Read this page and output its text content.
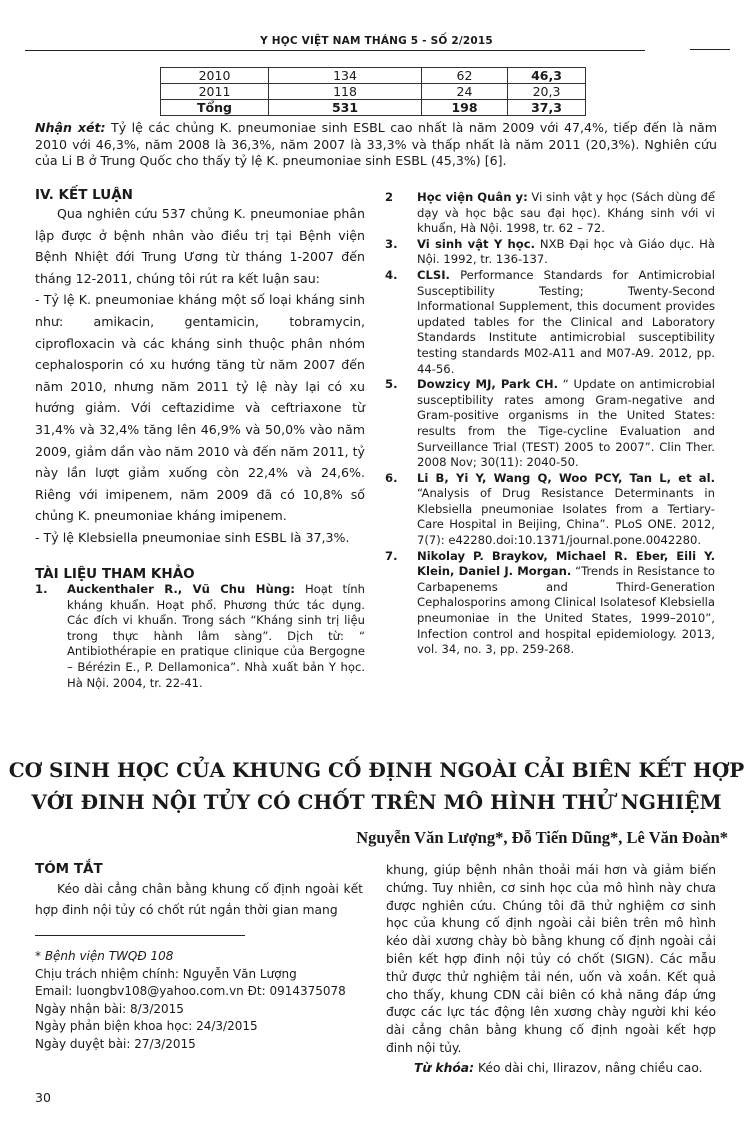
Y HỌC VIỆT NAM THÁNG 5 - SỐ 2/2015
2010	134	62	46,3
2011	118	24	20,3
Tổng	531	198	37,3
Nhận xét: Tỷ lệ các chủng K. pneumoniae sinh ESBL cao nhất là năm 2009 với 47,4%, tiếp đến là năm 2010 với 46,3%, năm 2008 là 36,3%, năm 2007 là 33,3% và thấp nhất là năm 2011 (20,3%). Nghiên cứu của Li B ở Trung Quốc cho thấy tỷ lệ K. pneumoniae sinh ESBL (45,3%) [6].
IV. KẾT LUẬN
Qua nghiên cứu 537 chủng K. pneumoniae phân lập được ở bệnh nhân vào điều trị tại Bệnh viện Bệnh Nhiệt đới Trung Ương từ tháng 1-2007 đến tháng 12-2011, chúng tôi rút ra kết luận sau:
- Tỷ lệ K. pneumoniae kháng một số loại kháng sinh như: amikacin, gentamicin, tobramycin, ciprofloxacin và các kháng sinh thuộc phân nhóm cephalosporin có xu hướng tăng từ năm 2007 đến năm 2010, nhưng năm 2011 tỷ lệ này lại có xu hướng giảm. Với ceftazidime và ceftriaxone từ 31,4% và 32,4% tăng lên 46,9% và 50,0% vào năm 2009, giảm dần vào năm 2010 và đến năm 2011, tỷ này lần lượt giảm xuống còn 22,4% và 24,6%. Riêng với imipenem, năm 2009 đã có 10,8% số chủng K. pneumoniae kháng imipenem.
- Tỷ lệ Klebsiella pneumoniae sinh ESBL là 37,3%.
TÀI LIỆU THAM KHẢO
1. Auckenthaler R., Vũ Chu Hùng: Hoạt tính kháng khuẩn. Hoạt phổ. Phương thức tác dụng. Các đích vi khuẩn. Trong sách “Kháng sinh trị liệu trong thực hành lâm sàng”. Dịch từ: “ Antibiothérapie en pratique clinique của Bergogne – Bérézin E., P. Dellamonica”. Nhà xuất bản Y học. Hà Nội. 2004, tr. 22-41.
2 Học viện Quân y: Vi sinh vật y học (Sách dùng để dạy và học bậc sau đại học). Kháng sinh với vi khuẩn, Hà Nội. 1998, tr. 62 – 72.
3. Vi sinh vật Y học. NXB Đại học và Giáo dục. Hà Nội. 1992, tr. 136-137.
4. CLSI. Performance Standards for Antimicrobial Susceptibility Testing; Twenty-Second Informational Supplement, this document provides updated tables for the Clinical and Laboratory Standards Institute antimicrobial susceptibility testing standards M02-A11 and M07-A9. 2012, pp. 44-56.
5. Dowzicy MJ, Park CH. “ Update on antimicrobial susceptibility rates among Gram-negative and Gram-positive organisms in the United States: results from the Tige-cycline Evaluation and Surveillance Trial (TEST) 2005 to 2007”. Clin Ther. 2008 Nov; 30(11): 2040-50.
6. Li B, Yi Y, Wang Q, Woo PCY, Tan L, et al. “Analysis of Drug Resistance Determinants in Klebsiella pneumoniae Isolates from a Tertiary-Care Hospital in Beijing, China”. PLoS ONE. 2012, 7(7): e42280.doi:10.1371/journal.pone.0042280.
7. Nikolay P. Braykov, Michael R. Eber, Eili Y. Klein, Daniel J. Morgan. “Trends in Resistance to Carbapenems and Third-Generation Cephalosporins among Clinical Isolatesof Klebsiella pneumoniae in the United States, 1999–2010”, Infection control and hospital epidemiology. 2013, vol. 34, no. 3, pp. 259-268.
CƠ SINH HỌC CỦA KHUNG CỐ ĐỊNH NGOÀI CẢI BIÊN KẾT HỢP
VỚI ĐINH NỘI TỦY CÓ CHỐT TRÊN MÔ HÌNH THỬ NGHIỆM
Nguyễn Văn Lượng*, Đỗ Tiến Dũng*, Lê Văn Đoàn*
TÓM TẮT
Kéo dài cẳng chân bằng khung cố định ngoài kết hợp đinh nội tủy có chốt rút ngắn thời gian mang
* Bệnh viện TWQĐ 108
Chịu trách nhiệm chính: Nguyễn Văn Lượng
Email: luongbv108@yahoo.com.vn Đt: 0914375078
Ngày nhận bài: 8/3/2015
Ngày phản biện khoa học: 24/3/2015
Ngày duyệt bài: 27/3/2015
khung, giúp bệnh nhân thoải mái hơn và giảm biến chứng. Tuy nhiên, cơ sinh học của mô hình này chưa được nghiên cứu. Chúng tôi đã thử nghiệm cơ sinh học của khung cố định ngoài cải biên trên mô hình kéo dài xương chày bò bằng khung cố định ngoài cải biên kết hợp đinh nội tủy có chốt (SIGN). Các mẫu thử được thử nghiệm tải nén, uốn và xoắn. Kết quả cho thấy, khung CDN cải biên có khả năng đáp ứng được các lực tác động lên xương chày người khi kéo dài cẳng chân bằng khung cố định ngoài kết hợp đinh nội tủy.
Từ khóa: Kéo dài chi, Ilirazov, nâng chiều cao.
30
